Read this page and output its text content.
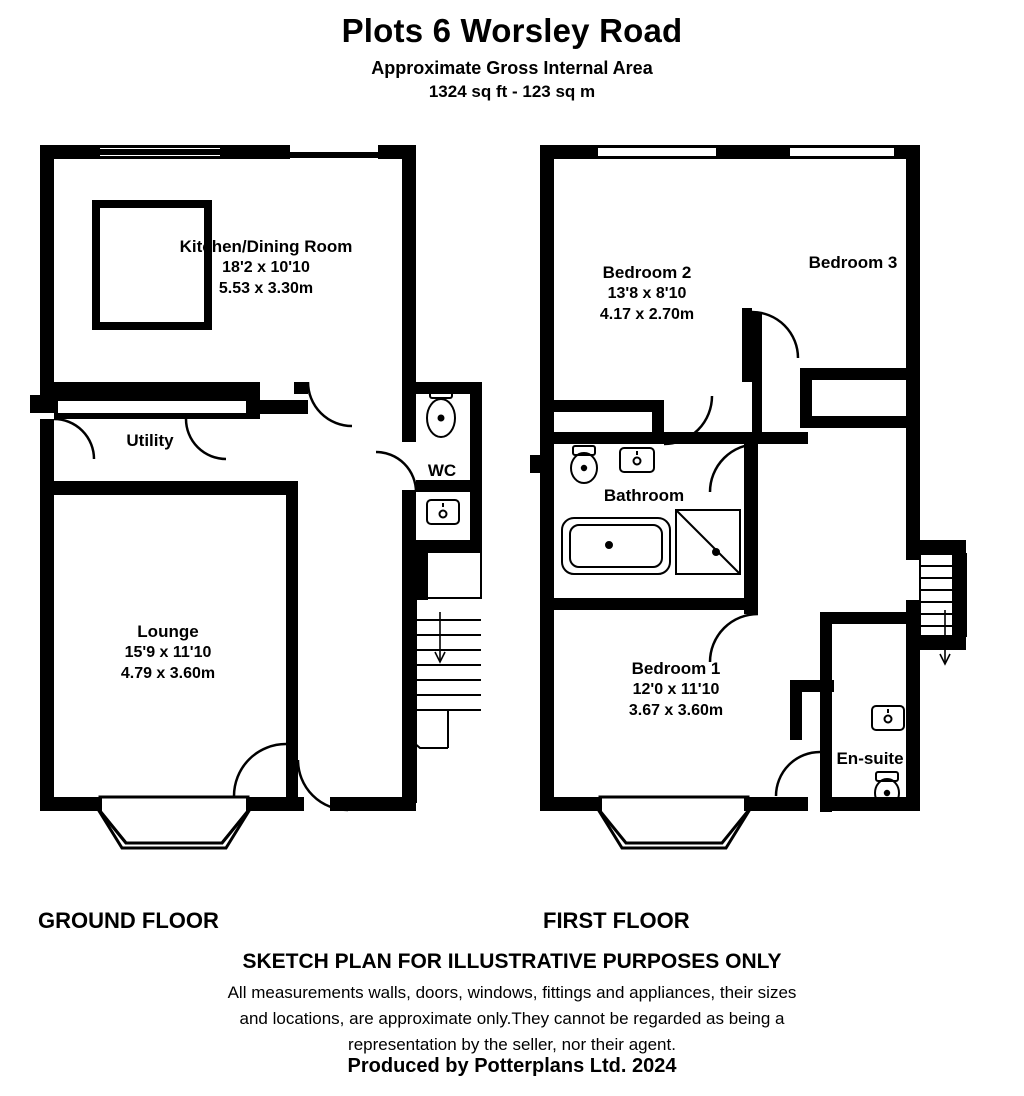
Plots 6 Worsley Road
Approximate Gross Internal Area
1324 sq ft - 123 sq m
Kitchen/Dining Room
18'2 x 10'10
5.53 x 3.30m
Utility
WC
Lounge
15'9 x 11'10
4.79 x 3.60m
Bedroom 2
13'8 x 8'10
4.17 x 2.70m
Bedroom 3
Bathroom
Bedroom 1
12'0 x 11'10
3.67 x 3.60m
En-suite
GROUND FLOOR	FIRST FLOOR
SKETCH PLAN FOR ILLUSTRATIVE PURPOSES ONLY
All measurements walls, doors, windows, fittings and appliances, their sizes
and locations, are approximate only.They cannot be regarded as being a
representation by the seller, nor their agent.
Produced by Potterplans Ltd. 2024
